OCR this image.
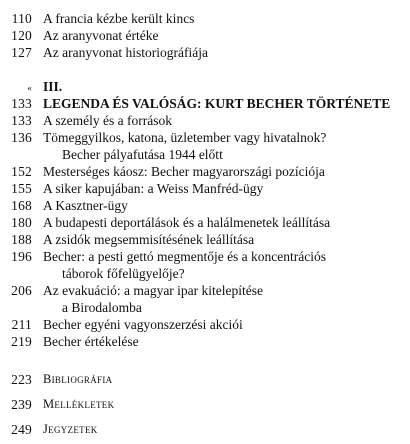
110 A francia kézbe került kincs
120 Az aranyvonat értéke
127 Az aranyvonat historiográfiája
« III.
133 LEGENDA ÉS VALÓSÁG: KURT BECHER TÖRTÉNETE
133 A személy és a források
136 Tömeggyilkos, katona, üzletember vagy hivatalnok?
Becher pályafutása 1944 előtt
152 Mesterséges káosz: Becher magyarországi pozíciója
155 A siker kapujában: a Weiss Manfréd-ügy
168 A Kasztner-ügy
180 A budapesti deportálások és a halálmenetek leállítása
188 A zsidók megsemmisítésének leállítása
196 Becher: a pesti gettó megmentője és a koncentrációs
táborok főfelügyelője?
206 Az evakuáció: a magyar ipar kitelepítése
a Birodalomba
211 Becher egyéni vagyonszerzési akciói
219 Becher értékelése
223 Bibliográfia
239 Mellékletek
249 Jegyzetek
